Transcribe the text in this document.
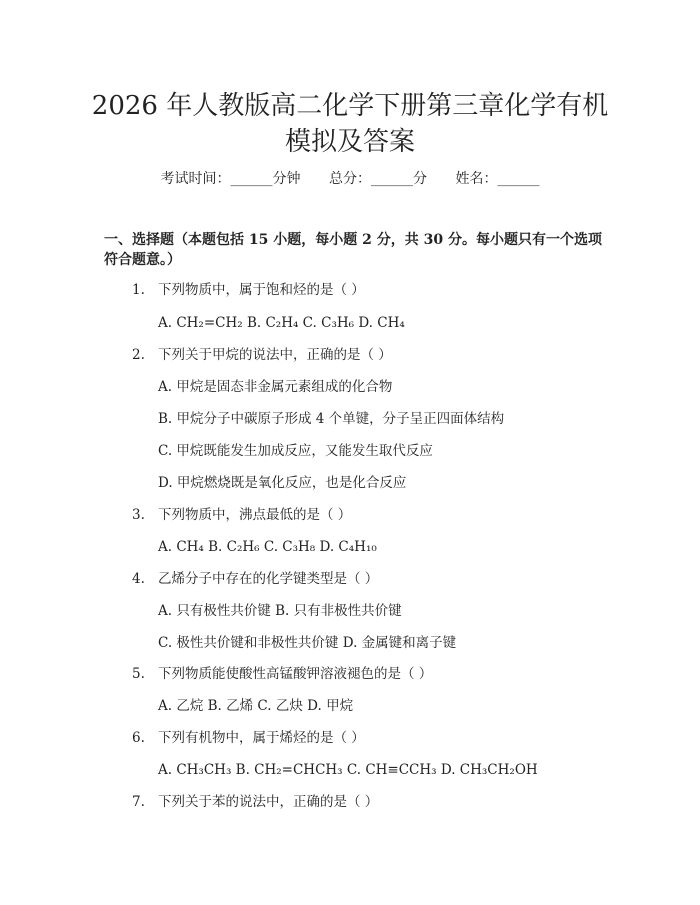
2026 年人教版高二化学下册第三章化学有机
模拟及答案
考试时间：______分钟 总分：______分 姓名：______
一、选择题（本题包括 15 小题，每小题 2 分，共 30 分。每小题只有一个选项符合题意。）
1. 下列物质中，属于饱和烃的是（ ）
A. CH₂=CH₂ B. C₂H₄ C. C₃H₆ D. CH₄
2. 下列关于甲烷的说法中，正确的是（ ）
A. 甲烷是固态非金属元素组成的化合物
B. 甲烷分子中碳原子形成 4 个单键，分子呈正四面体结构
C. 甲烷既能发生加成反应，又能发生取代反应
D. 甲烷燃烧既是氧化反应，也是化合反应
3. 下列物质中，沸点最低的是（ ）
A. CH₄ B. C₂H₆ C. C₃H₈ D. C₄H₁₀
4. 乙烯分子中存在的化学键类型是（ ）
A. 只有极性共价键 B. 只有非极性共价键
C. 极性共价键和非极性共价键 D. 金属键和离子键
5. 下列物质能使酸性高锰酸钾溶液褪色的是（ ）
A. 乙烷 B. 乙烯 C. 乙炔 D. 甲烷
6. 下列有机物中，属于烯烃的是（ ）
A. CH₃CH₃ B. CH₂=CHCH₃ C. CH≡CCH₃ D. CH₃CH₂OH
7. 下列关于苯的说法中，正确的是（ ）
